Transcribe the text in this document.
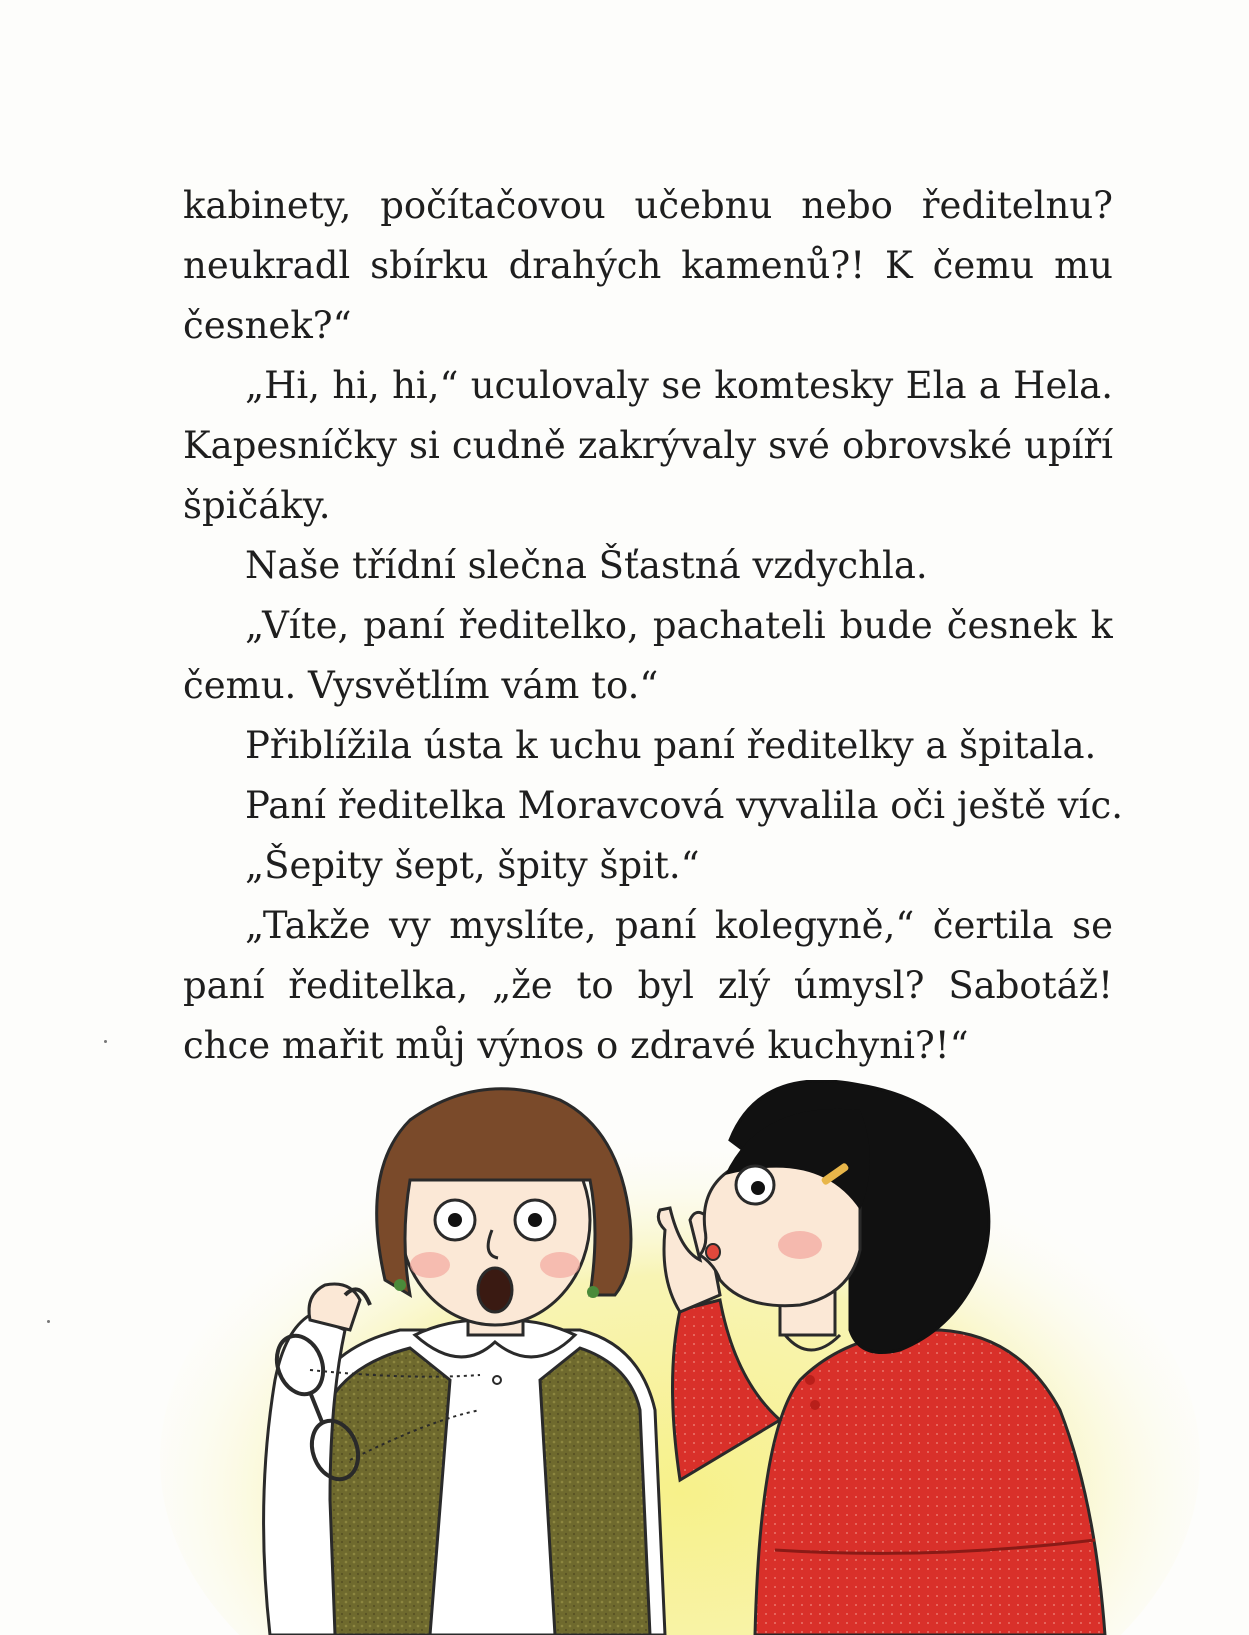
kabinety, počítačovou učebnu nebo ředitelnu?
neukradl sbírku drahých kamenů?! K čemu mu
česnek?“
„Hi, hi, hi,“ uculovaly se komtesky Ela a Hela.
Kapesníčky si cudně zakrývaly své obrovské upíří
špičáky.
Naše třídní slečna Šťastná vzdychla.
„Víte, paní ředitelko, pachateli bude česnek k
čemu. Vysvětlím vám to.“
Přiblížila ústa k uchu paní ředitelky a špitala.
Paní ředitelka Moravcová vyvalila oči ještě víc.
„Šepity šept, špity špit.“
„Takže vy myslíte, paní kolegyně,“ čertila se
paní ředitelka, „že to byl zlý úmysl? Sabotáž!
chce mařit můj výnos o zdravé kuchyni?!“
